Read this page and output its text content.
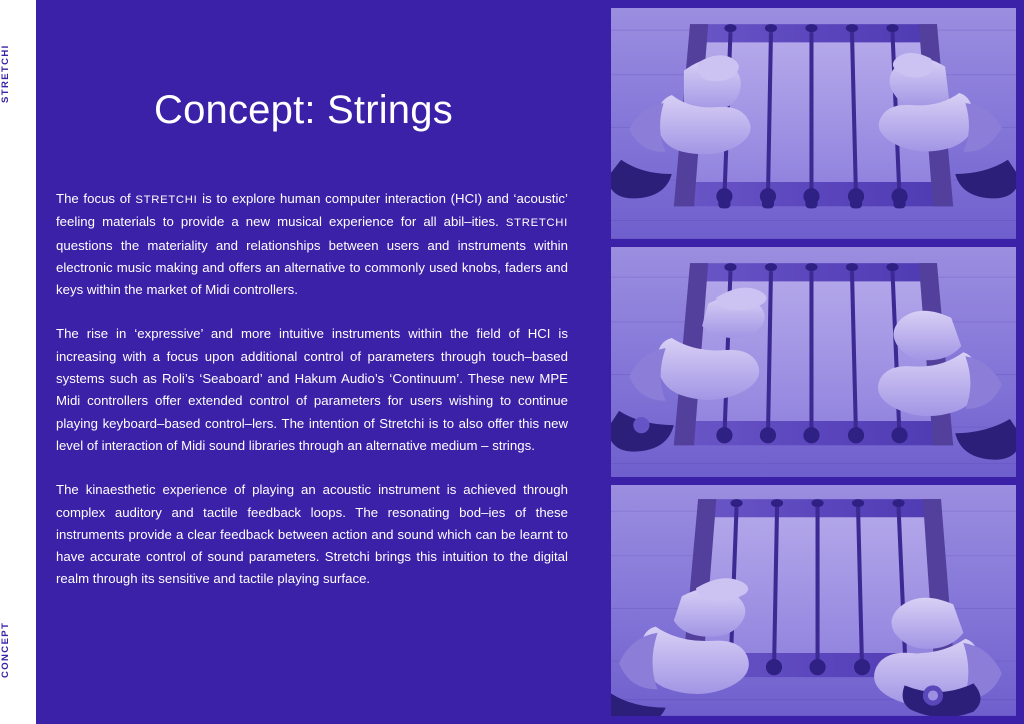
STRETCHI
CONCEPT
Concept: Strings

The focus of STRETCHI is to explore human computer interaction (HCI) and ‘acoustic’ feeling materials to provide a new musical experience for all abil–ities. STRETCHI questions the materiality and relationships between users and instruments within electronic music making and offers an alternative to commonly used knobs, faders and keys within the market of Midi controllers.

The rise in ‘expressive’ and more intuitive instruments within the field of HCI is increasing with a focus upon additional control of parameters through touch–based systems such as Roli’s ‘Seaboard’ and Hakum Audio’s ‘Continuum’. These new MPE Midi controllers offer extended control of parameters for users wishing to continue playing keyboard–based control–lers. The intention of Stretchi is to also offer this new level of interaction of Midi sound libraries through an alternative medium – strings.

The kinaesthetic experience of playing an acoustic instrument is achieved through complex auditory and tactile feedback loops. The resonating bod–ies of these instruments provide a clear feedback between action and sound which can be learnt to have accurate control of sound parameters. Stretchi brings this intuition to the digital realm through its sensitive and tactile playing surface.
